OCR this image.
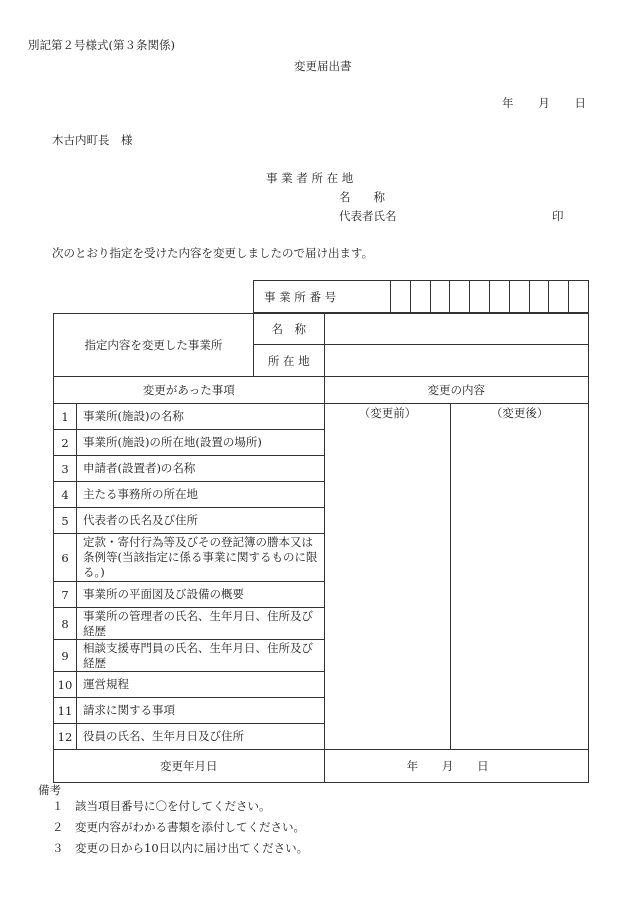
別記第２号様式(第３条関係)
変更届出書
年 月 日
木古内町長　様
事 業 者 所 在 地
名　　称
代表者氏名	印
次のとおり指定を受けた内容を変更しましたので届け出ます。
事 業 所 番 号

指定内容を変更した事業所		名　称		
		所 在 地		
変更があった事項			変更の内容	
1	事業所(施設)の名称		（変更前）	（変更後）

2	事業所(施設)の所在地(設置の場所)			

3	申請者(設置者)の名称			

4	主たる事務所の所在地			

5	代表者の氏名及び住所			

6	定款・寄付行為等及びその登記簿の謄本又は条例等(当該指定に係る事業に関するものに限る。)			

7	事業所の平面図及び設備の概要			

8	事業所の管理者の氏名、生年月日、住所及び経歴			

9	相談支援専門員の氏名、生年月日、住所及び経歴			

10	運営規程			

11	請求に関する事項			

12	役員の氏名、生年月日及び住所			

変更年月日			年 月 日	
備考
１　該当項目番号に〇を付してください。
２　変更内容がわかる書類を添付してください。
３　変更の日から10日以内に届け出てください。
